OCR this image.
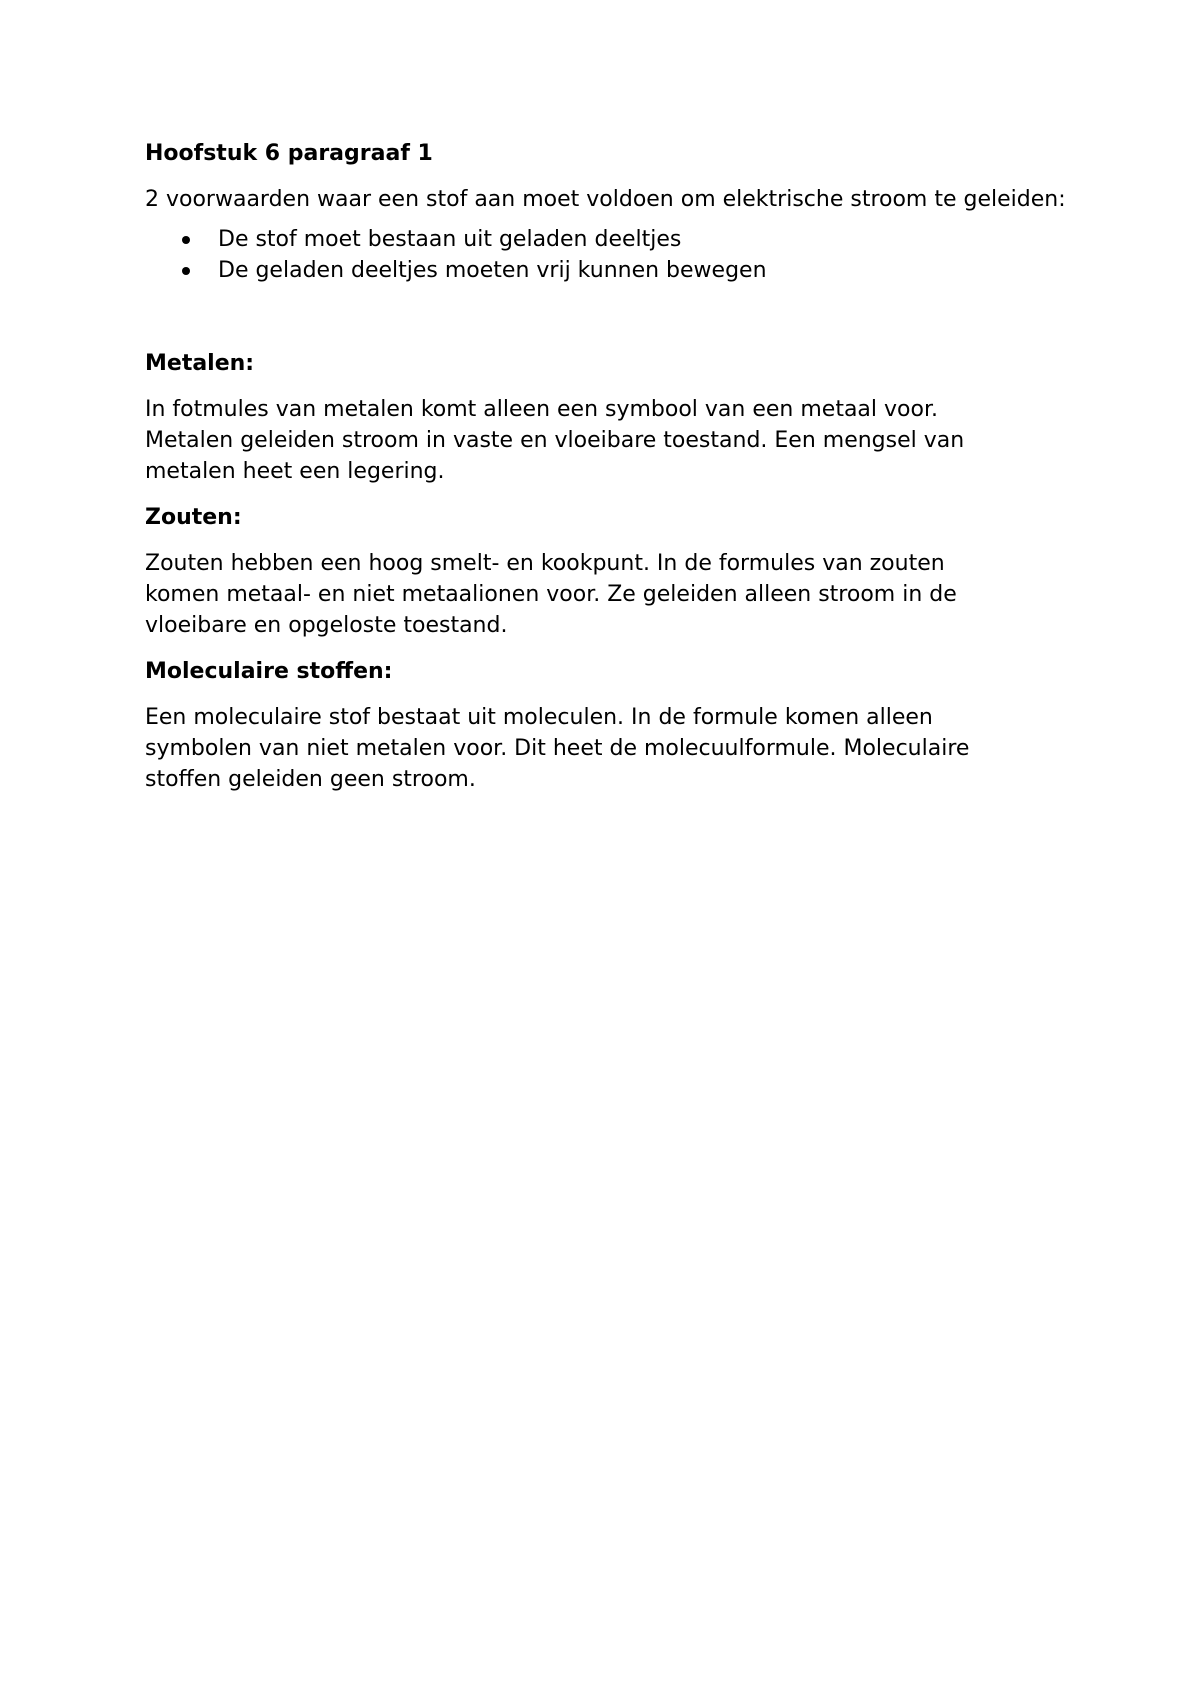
Hoofstuk 6 paragraaf 1

2 voorwaarden waar een stof aan moet voldoen om elektrische stroom te geleiden:

De stof moet bestaan uit geladen deeltjes
De geladen deeltjes moeten vrij kunnen bewegen

Metalen:

In fotmules van metalen komt alleen een symbool van een metaal voor.
Metalen geleiden stroom in vaste en vloeibare toestand. Een mengsel van
metalen heet een legering.

Zouten:

Zouten hebben een hoog smelt- en kookpunt. In de formules van zouten
komen metaal- en niet metaalionen voor. Ze geleiden alleen stroom in de
vloeibare en opgeloste toestand.

Moleculaire stoffen:

Een moleculaire stof bestaat uit moleculen. In de formule komen alleen
symbolen van niet metalen voor. Dit heet de molecuulformule. Moleculaire
stoffen geleiden geen stroom.
